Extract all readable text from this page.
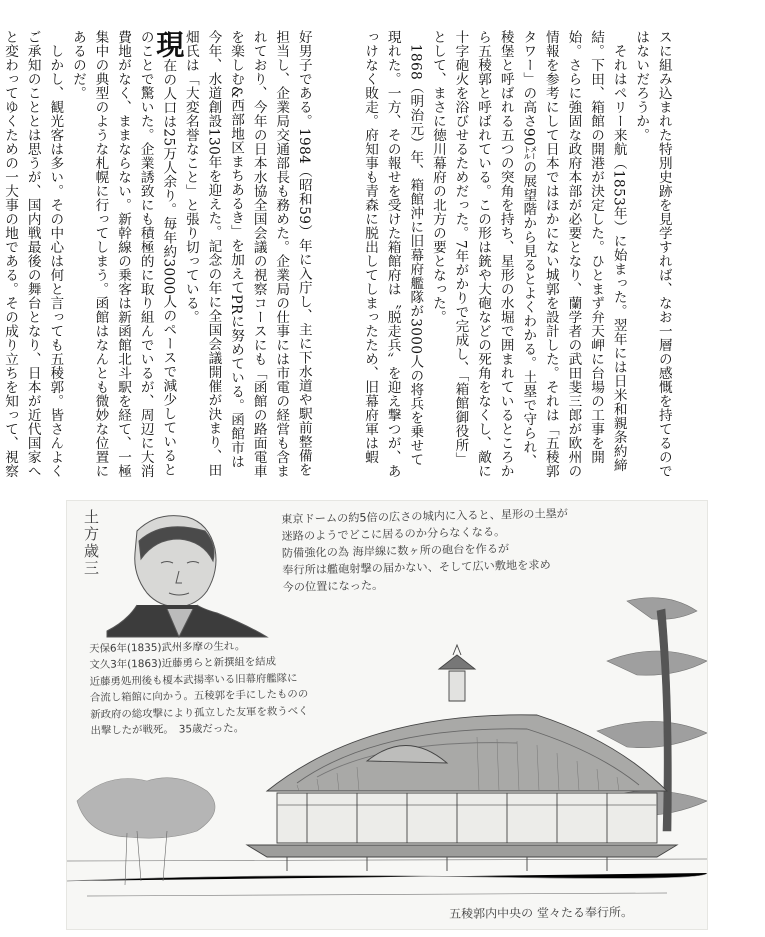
好男子である。1984（昭和59）年に入庁し、主に下水道や駅前整備を担当し、企業局交通部長も務めた。企業局の仕事には市電の経営も含まれており、今年の日本水協全国会議の視察コースにも「函館の路面電車を楽しむ&西部地区まちあるき」を加えてPRに努めている。函館市は今年、水道創設130年を迎えた。記念の年に全国会議開催が決まり、田畑氏は「大変名誉なこと」と張り切っている。
現在の人口は25万人余り。毎年約3000人のペースで減少しているとのことで驚いた。企業誘致にも積極的に取り組んでいるが、周辺に大消費地がなく、ままならない。新幹線の乗客は新函館北斗駅を経て、一極集中の典型のような札幌に行ってしまう。函館はなんとも微妙な位置にあるのだ。
　しかし、観光客は多い。その中心は何と言っても五稜郭。皆さんよくご承知のこととは思うが、国内戦最後の舞台となり、日本が近代国家へと変わってゆくための一大事の地である。その成り立ちを知って、視察

	スに組み込まれた特別史跡を見学すれば、なお一層の感慨を持てるのではないだろうか。
　それはペリー来航（1853年）に始まった。翌年には日米和親条約締結。下田、箱館の開港が決定した。ひとまず弁天岬に台場の工事を開始。さらに強固な政府本部が必要となり、蘭学者の武田斐三郎が欧州の情報を参考にして日本ではほかにない城郭を設計した。それは「五稜郭タワー」の高さ90㍍の展望階から見るとよくわかる。土塁で守られ、稜堡と呼ばれる五つの突角を持ち、星形の水堀で囲まれているところから五稜郭と呼ばれている。この形は銃や大砲などの死角をなくし、敵に十字砲火を浴びせるためだった。7年がかりで完成し、「箱館御役所」として、まさに徳川幕府の北方の要となった。
　1868（明治元）年、箱館沖に旧幕府艦隊が3000人の将兵を乗せて現れた。一方、その報せを受けた箱館府は〝脱走兵〟を迎え撃つが、あっけなく敗走。府知事も青森に脱出してしまったため、旧幕府軍は蝦

土方歳三	東京ドームの約5倍の広さの城内に入ると、星形の土塁が
迷路のようでどこに居るのか分らなくなる。
防備強化の為 海岸線に数ヶ所の砲台を作るが
奉行所は艦砲射撃の届かない、そして広い敷地を求め
今の位置になった。
天保6年(1835)武州多摩の生れ。
文久3年(1863)近藤勇らと新撰組を結成
近藤勇処刑後も榎本武揚率いる旧幕府艦隊に
合流し箱館に向かう。五稜郭を手にしたものの
新政府の総攻撃により孤立した友軍を救うべく
出撃したが戦死。　35歳だった。
五稜郭内中央の 堂々たる奉行所。
